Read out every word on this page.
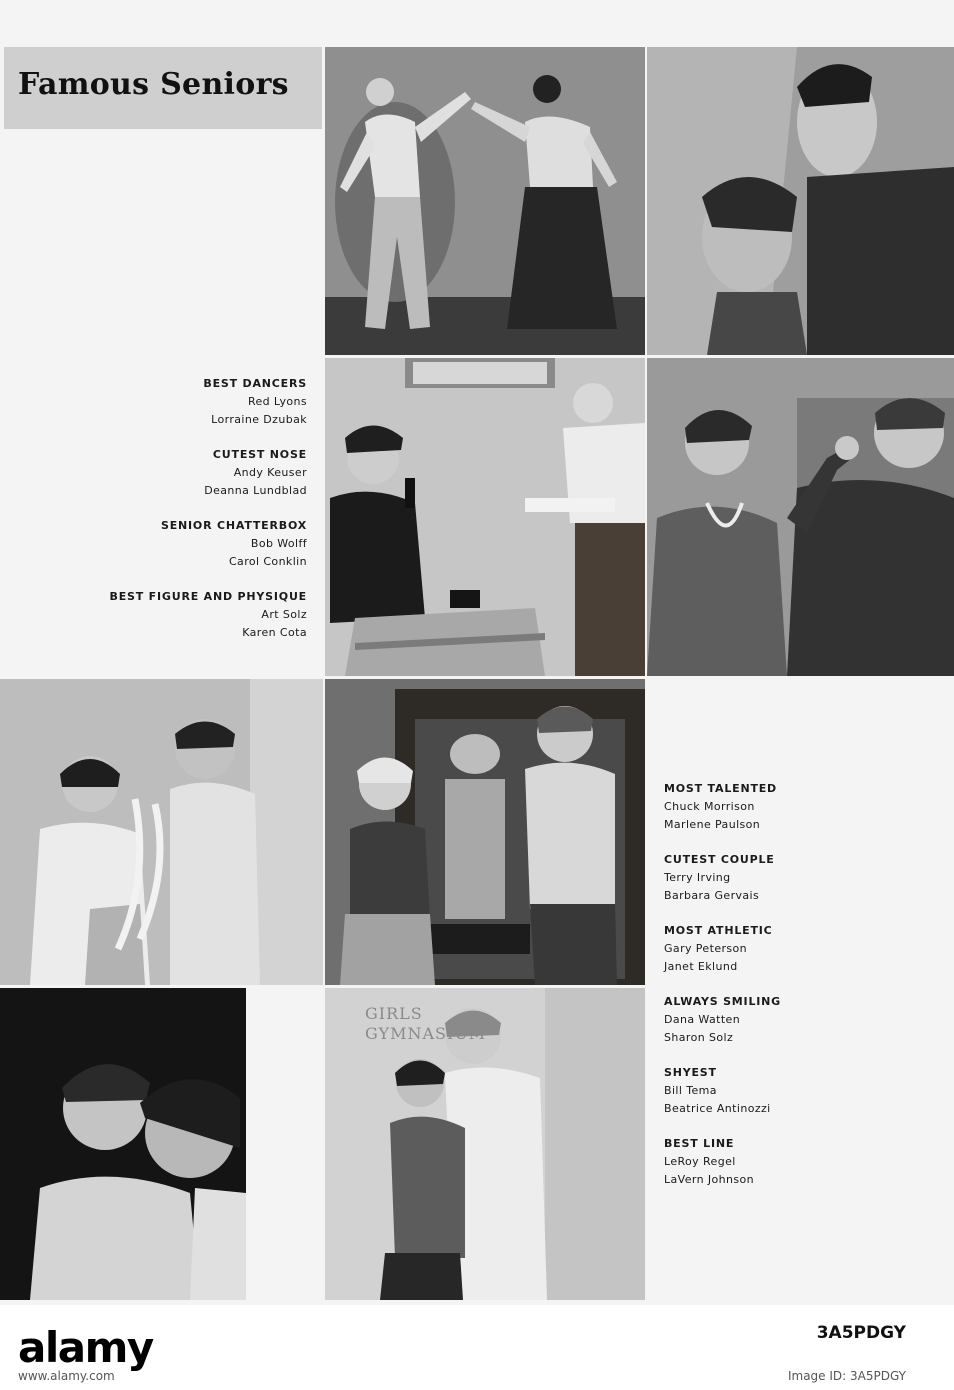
Famous Seniors
GIRLS
GYMNASIUM
BEST DANCERS
Red Lyons
Lorraine Dzubak
CUTEST NOSE
Andy Keuser
Deanna Lundblad
SENIOR CHATTERBOX
Bob Wolff
Carol Conklin
BEST FIGURE AND PHYSIQUE
Art Solz
Karen Cota
MOST TALENTED
Chuck Morrison
Marlene Paulson
CUTEST COUPLE
Terry Irving
Barbara Gervais
MOST ATHLETIC
Gary Peterson
Janet Eklund
ALWAYS SMILING
Dana Watten
Sharon Solz
SHYEST
Bill Tema
Beatrice Antinozzi
BEST LINE
LeRoy Regel
LaVern Johnson
alamy	3A5PDGY
www.alamy.com	Image ID: 3A5PDGY
